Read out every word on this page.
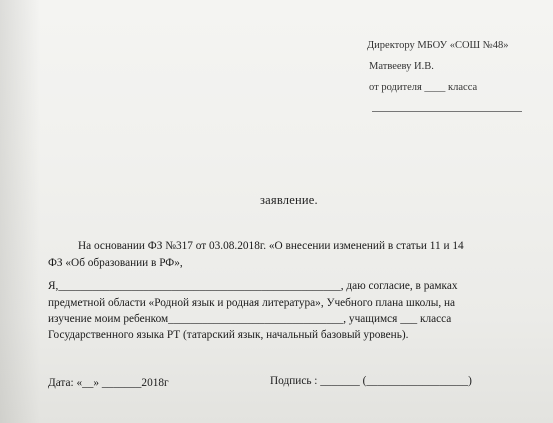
Директору МБОУ «СОШ №48»
Матвееву И.В.
от родителя ____ класса
заявление.
На основании ФЗ №317 от 03.08.2018г. «О внесении изменений в статьи 11 и 14
ФЗ «Об образовании в РФ»,
Я,__________________________________________________, даю согласие, в рамках
предметной области «Родной язык и родная литература», Учебного плана школы, на
изучение моим ребенком_______________________________, учащимся ___ класса
Государственного языка РТ (татарский язык, начальный базовый уровень).
Дата: «__» _______2018г	Подпись : _______ (__________________)
